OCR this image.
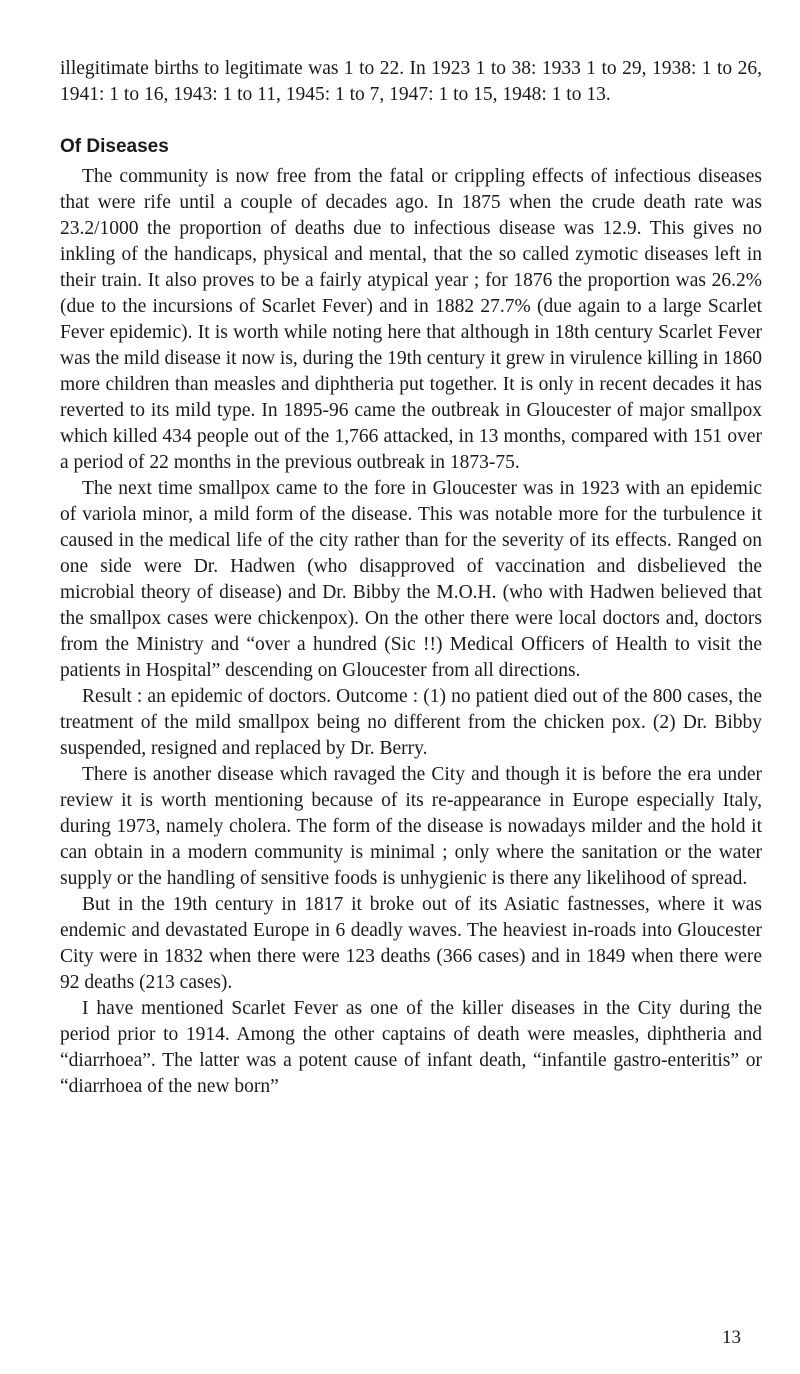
illegitimate births to legitimate was 1 to 22. In 1923 1 to 38: 1933 1 to 29, 1938: 1 to 26, 1941: 1 to 16, 1943: 1 to 11, 1945: 1 to 7, 1947: 1 to 15, 1948: 1 to 13.

Of Diseases

The community is now free from the fatal or crippling effects of infectious diseases that were rife until a couple of decades ago. In 1875 when the crude death rate was 23.2/1000 the proportion of deaths due to infectious disease was 12.9. This gives no inkling of the handicaps, physical and mental, that the so called zymotic diseases left in their train. It also proves to be a fairly atypical year ; for 1876 the proportion was 26.2% (due to the incursions of Scarlet Fever) and in 1882 27.7% (due again to a large Scarlet Fever epidemic). It is worth while noting here that although in 18th century Scarlet Fever was the mild disease it now is, during the 19th century it grew in virulence killing in 1860 more children than measles and diphtheria put together. It is only in recent decades it has reverted to its mild type. In 1895-96 came the outbreak in Gloucester of major smallpox which killed 434 people out of the 1,766 attacked, in 13 months, compared with 151 over a period of 22 months in the previous outbreak in 1873-75.

The next time smallpox came to the fore in Gloucester was in 1923 with an epidemic of variola minor, a mild form of the disease. This was notable more for the turbulence it caused in the medical life of the city rather than for the severity of its effects. Ranged on one side were Dr. Hadwen (who disapproved of vaccination and disbelieved the microbial theory of disease) and Dr. Bibby the M.O.H. (who with Hadwen believed that the smallpox cases were chickenpox). On the other there were local doctors and, doctors from the Ministry and “over a hundred (Sic !!) Medical Officers of Health to visit the patients in Hospital” descending on Gloucester from all directions.

Result : an epidemic of doctors. Outcome : (1) no patient died out of the 800 cases, the treatment of the mild smallpox being no different from the chicken pox. (2) Dr. Bibby suspended, resigned and replaced by Dr. Berry.

There is another disease which ravaged the City and though it is before the era under review it is worth mentioning because of its re-appearance in Europe especially Italy, during 1973, namely cholera. The form of the disease is nowadays milder and the hold it can obtain in a modern community is minimal ; only where the sanitation or the water supply or the handling of sensitive foods is unhygienic is there any likelihood of spread.

But in the 19th century in 1817 it broke out of its Asiatic fastnesses, where it was endemic and devastated Europe in 6 deadly waves. The heaviest in-roads into Gloucester City were in 1832 when there were 123 deaths (366 cases) and in 1849 when there were 92 deaths (213 cases).

I have mentioned Scarlet Fever as one of the killer diseases in the City during the period prior to 1914. Among the other captains of death were measles, diphtheria and “diarrhoea”. The latter was a potent cause of infant death, “infantile gastro-enteritis” or “diarrhoea of the new born”

13
